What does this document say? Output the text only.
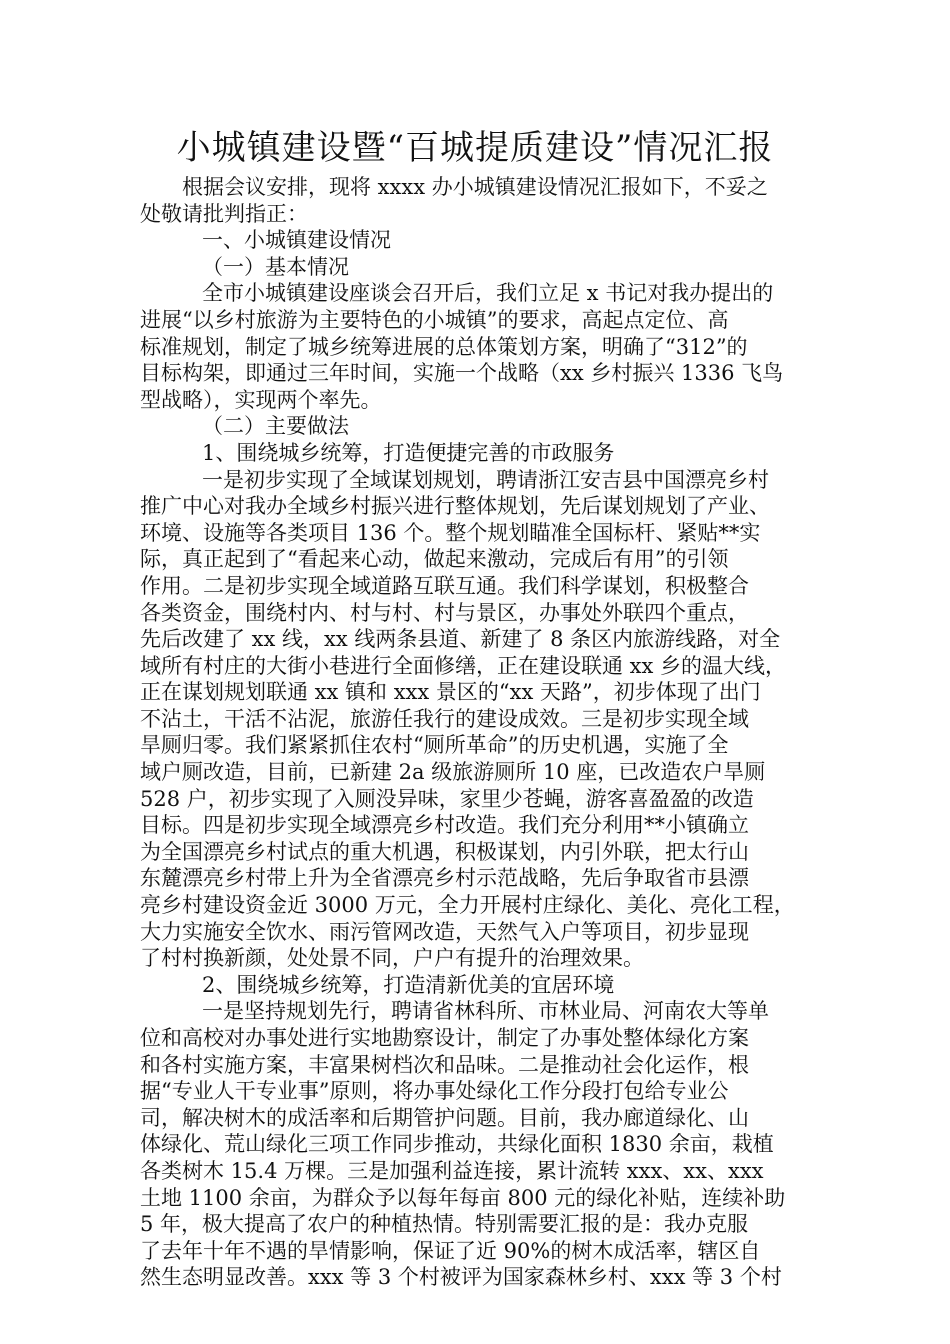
小城镇建设暨“百城提质建设”情况汇报
根据会议安排，现将 xxxx 办小城镇建设情况汇报如下，不妥之
处敬请批判指正：
一、小城镇建设情况
（一）基本情况
全市小城镇建设座谈会召开后，我们立足 x 书记对我办提出的
进展“以乡村旅游为主要特色的小城镇”的要求，高起点定位、高
标准规划，制定了城乡统筹进展的总体策划方案，明确了“312”的
目标构架，即通过三年时间，实施一个战略（xx 乡村振兴 1336 飞鸟
型战略），实现两个率先。
（二）主要做法
1、围绕城乡统筹，打造便捷完善的市政服务
一是初步实现了全域谋划规划，聘请浙江安吉县中国漂亮乡村
推广中心对我办全域乡村振兴进行整体规划，先后谋划规划了产业、
环境、设施等各类项目 136 个。整个规划瞄准全国标杆、紧贴**实
际，真正起到了“看起来心动，做起来激动，完成后有用”的引领
作用。二是初步实现全域道路互联互通。我们科学谋划，积极整合
各类资金，围绕村内、村与村、村与景区，办事处外联四个重点，
先后改建了 xx 线，xx 线两条县道、新建了 8 条区内旅游线路，对全
域所有村庄的大街小巷进行全面修缮，正在建设联通 xx 乡的温大线，
正在谋划规划联通 xx 镇和 xxx 景区的“xx 天路”，初步体现了出门
不沾土，干活不沾泥，旅游任我行的建设成效。三是初步实现全域
旱厕归零。我们紧紧抓住农村“厕所革命”的历史机遇，实施了全
域户厕改造，目前，已新建 2a 级旅游厕所 10 座，已改造农户旱厕
528 户，初步实现了入厕没异味，家里少苍蝇，游客喜盈盈的改造
目标。四是初步实现全域漂亮乡村改造。我们充分利用**小镇确立
为全国漂亮乡村试点的重大机遇，积极谋划，内引外联，把太行山
东麓漂亮乡村带上升为全省漂亮乡村示范战略，先后争取省市县漂
亮乡村建设资金近 3000 万元，全力开展村庄绿化、美化、亮化工程，
大力实施安全饮水、雨污管网改造，天然气入户等项目，初步显现
了村村换新颜，处处景不同，户户有提升的治理效果。
2、围绕城乡统筹，打造清新优美的宜居环境
一是坚持规划先行，聘请省林科所、市林业局、河南农大等单
位和高校对办事处进行实地勘察设计，制定了办事处整体绿化方案
和各村实施方案，丰富果树档次和品味。二是推动社会化运作，根
据“专业人干专业事”原则，将办事处绿化工作分段打包给专业公
司，解决树木的成活率和后期管护问题。目前，我办廊道绿化、山
体绿化、荒山绿化三项工作同步推动，共绿化面积 1830 余亩，栽植
各类树木 15.4 万棵。三是加强利益连接，累计流转 xxx、xx、xxx
土地 1100 余亩，为群众予以每年每亩 800 元的绿化补贴，连续补助
5 年，极大提高了农户的种植热情。特别需要汇报的是：我办克服
了去年十年不遇的旱情影响，保证了近 90%的树木成活率，辖区自
然生态明显改善。xxx 等 3 个村被评为国家森林乡村、xxx 等 3 个村
